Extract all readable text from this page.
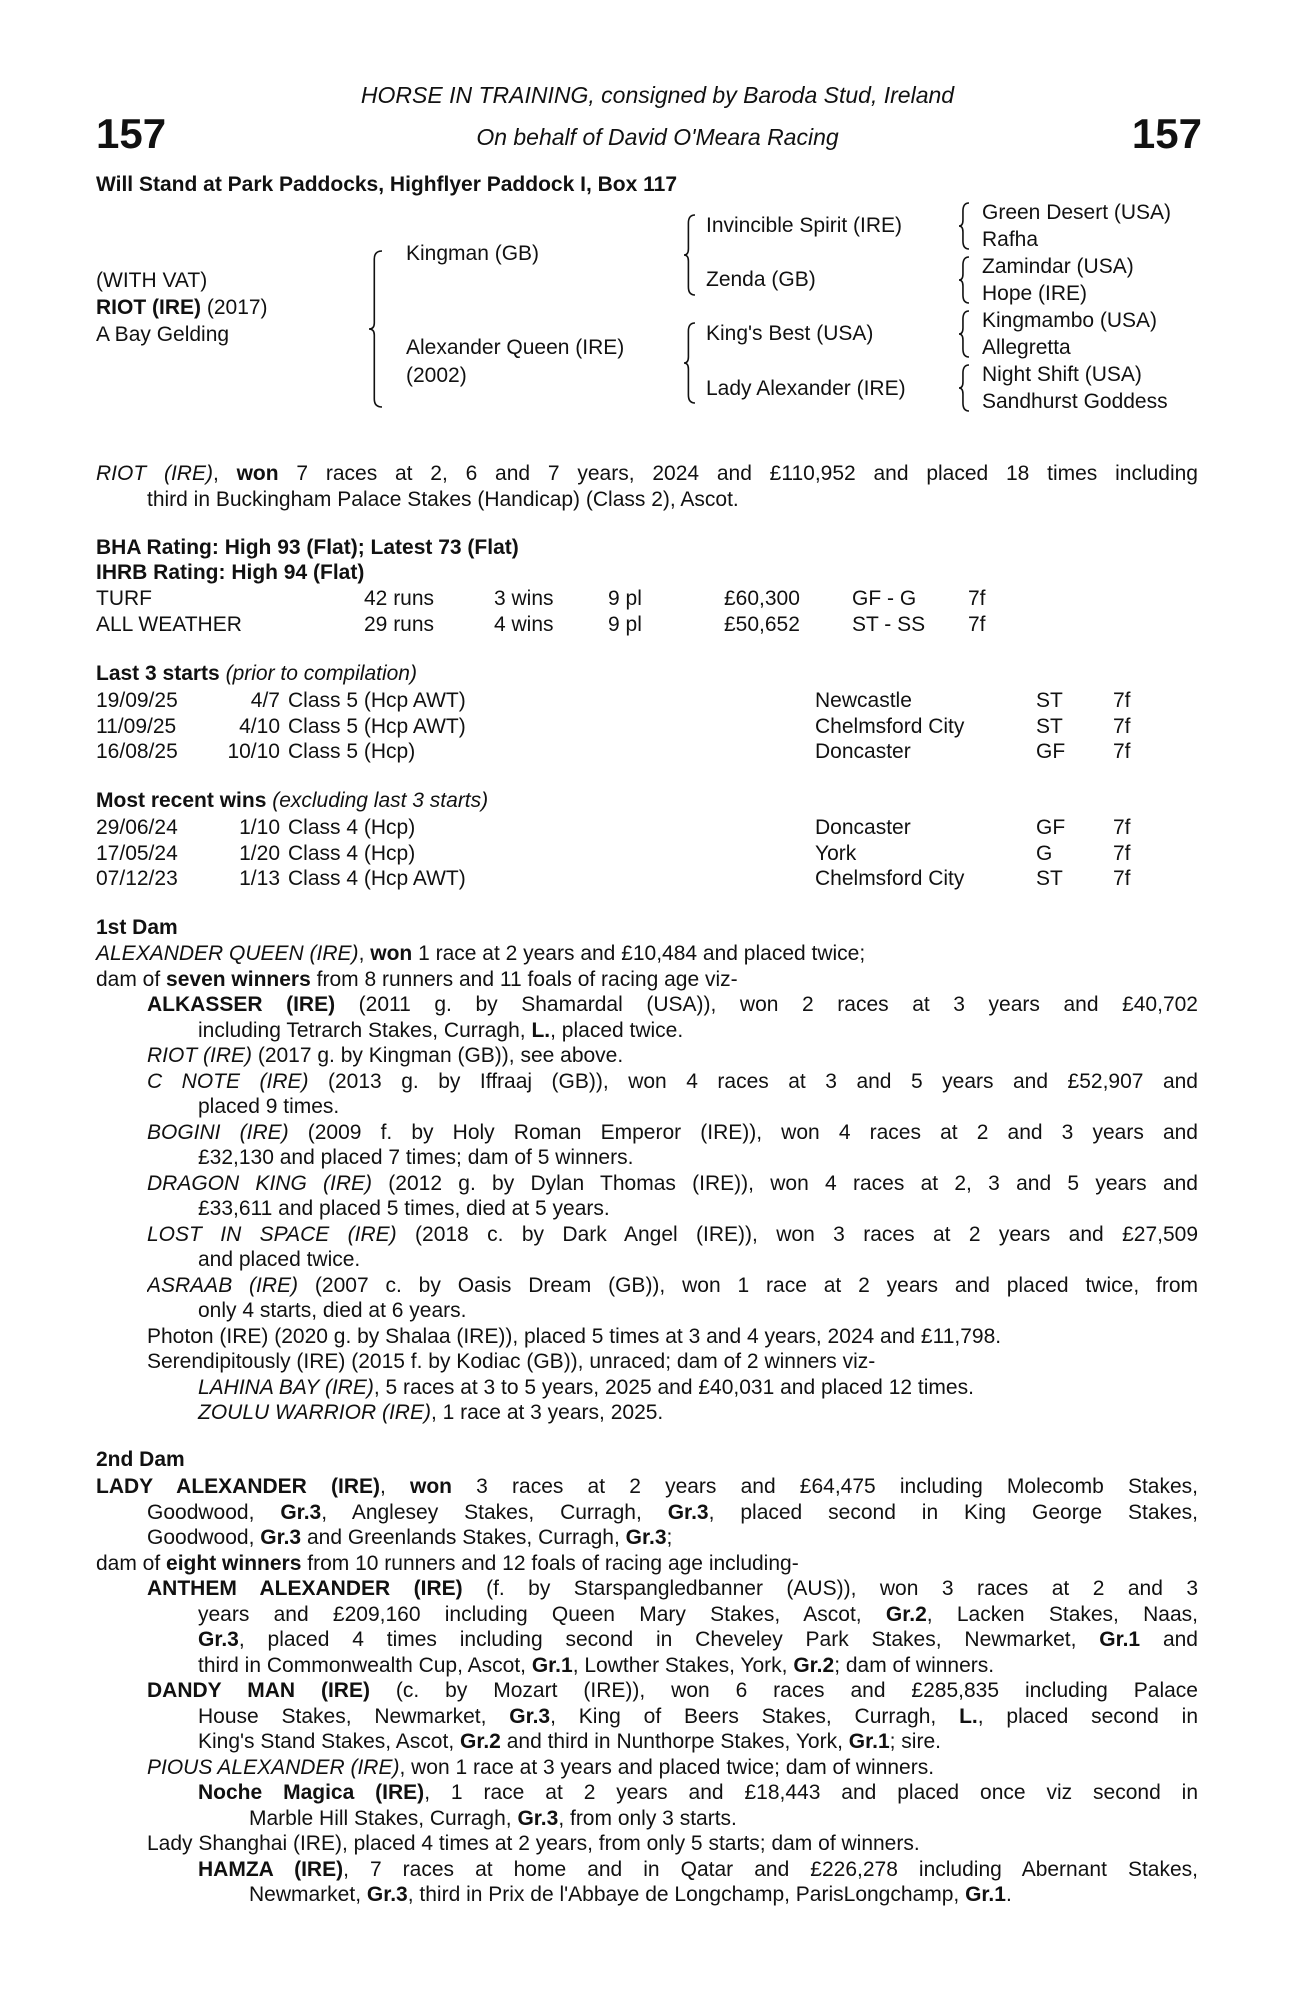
HORSE IN TRAINING, consigned by Baroda Stud, Ireland
On behalf of David O'Meara Racing
157	157
Will Stand at Park Paddocks, Highflyer Paddock I, Box 117
(WITH VAT)
RIOT (IRE) (2017)
A Bay Gelding
Kingman (GB)
Alexander Queen (IRE)
(2002)
Invincible Spirit (IRE)
Zenda (GB)
King's Best (USA)
Lady Alexander (IRE)
Green Desert (USA)
Rafha
Zamindar (USA)
Hope (IRE)
Kingmambo (USA)
Allegretta
Night Shift (USA)
Sandhurst Goddess
RIOT (IRE), won 7 races at 2, 6 and 7 years, 2024 and £110,952 and placed 18 times including
third in Buckingham Palace Stakes (Handicap) (Class 2), Ascot.
BHA Rating: High 93 (Flat); Latest 73 (Flat)
IHRB Rating: High 94 (Flat)
TURF	42 runs	3 wins	9 pl	£60,300 GF - G 7f
ALL WEATHER	29 runs	4 wins	9 pl	£50,652 ST - SS 7f
Last 3 starts (prior to compilation)
19/09/25	4/7 Class 5 (Hcp AWT)	Newcastle	ST 7f
11/09/25	4/10 Class 5 (Hcp AWT)	Chelmsford City	ST 7f
16/08/25 10/10 Class 5 (Hcp)	Doncaster	GF 7f
Most recent wins (excluding last 3 starts)
29/06/24	1/10 Class 4 (Hcp)	Doncaster	GF 7f
17/05/24	1/20 Class 4 (Hcp)	York	G	7f
07/12/23	1/13 Class 4 (Hcp AWT)	Chelmsford City	ST 7f
1st Dam
ALEXANDER QUEEN (IRE), won 1 race at 2 years and £10,484 and placed twice;
dam of seven winners from 8 runners and 11 foals of racing age viz-
ALKASSER (IRE) (2011 g. by Shamardal (USA)), won 2 races at 3 years and £40,702
including Tetrarch Stakes, Curragh, L., placed twice.
RIOT (IRE) (2017 g. by Kingman (GB)), see above.
C NOTE (IRE) (2013 g. by Iffraaj (GB)), won 4 races at 3 and 5 years and £52,907 and
placed 9 times.
BOGINI (IRE) (2009 f. by Holy Roman Emperor (IRE)), won 4 races at 2 and 3 years and
£32,130 and placed 7 times; dam of 5 winners.
DRAGON KING (IRE) (2012 g. by Dylan Thomas (IRE)), won 4 races at 2, 3 and 5 years and
£33,611 and placed 5 times, died at 5 years.
LOST IN SPACE (IRE) (2018 c. by Dark Angel (IRE)), won 3 races at 2 years and £27,509
and placed twice.
ASRAAB (IRE) (2007 c. by Oasis Dream (GB)), won 1 race at 2 years and placed twice, from
only 4 starts, died at 6 years.
Photon (IRE) (2020 g. by Shalaa (IRE)), placed 5 times at 3 and 4 years, 2024 and £11,798.
Serendipitously (IRE) (2015 f. by Kodiac (GB)), unraced; dam of 2 winners viz-
LAHINA BAY (IRE), 5 races at 3 to 5 years, 2025 and £40,031 and placed 12 times.
ZOULU WARRIOR (IRE), 1 race at 3 years, 2025.
2nd Dam
LADY ALEXANDER (IRE), won 3 races at 2 years and £64,475 including Molecomb Stakes,
Goodwood, Gr.3, Anglesey Stakes, Curragh, Gr.3, placed second in King George Stakes,
Goodwood, Gr.3 and Greenlands Stakes, Curragh, Gr.3;
dam of eight winners from 10 runners and 12 foals of racing age including-
ANTHEM ALEXANDER (IRE) (f. by Starspangledbanner (AUS)), won 3 races at 2 and 3
years and £209,160 including Queen Mary Stakes, Ascot, Gr.2, Lacken Stakes, Naas,
Gr.3, placed 4 times including second in Cheveley Park Stakes, Newmarket, Gr.1 and
third in Commonwealth Cup, Ascot, Gr.1, Lowther Stakes, York, Gr.2; dam of winners.
DANDY MAN (IRE) (c. by Mozart (IRE)), won 6 races and £285,835 including Palace
House Stakes, Newmarket, Gr.3, King of Beers Stakes, Curragh, L., placed second in
King's Stand Stakes, Ascot, Gr.2 and third in Nunthorpe Stakes, York, Gr.1; sire.
PIOUS ALEXANDER (IRE), won 1 race at 3 years and placed twice; dam of winners.
Noche Magica (IRE), 1 race at 2 years and £18,443 and placed once viz second in
Marble Hill Stakes, Curragh, Gr.3, from only 3 starts.
Lady Shanghai (IRE), placed 4 times at 2 years, from only 5 starts; dam of winners.
HAMZA (IRE), 7 races at home and in Qatar and £226,278 including Abernant Stakes,
Newmarket, Gr.3, third in Prix de l'Abbaye de Longchamp, ParisLongchamp, Gr.1.
